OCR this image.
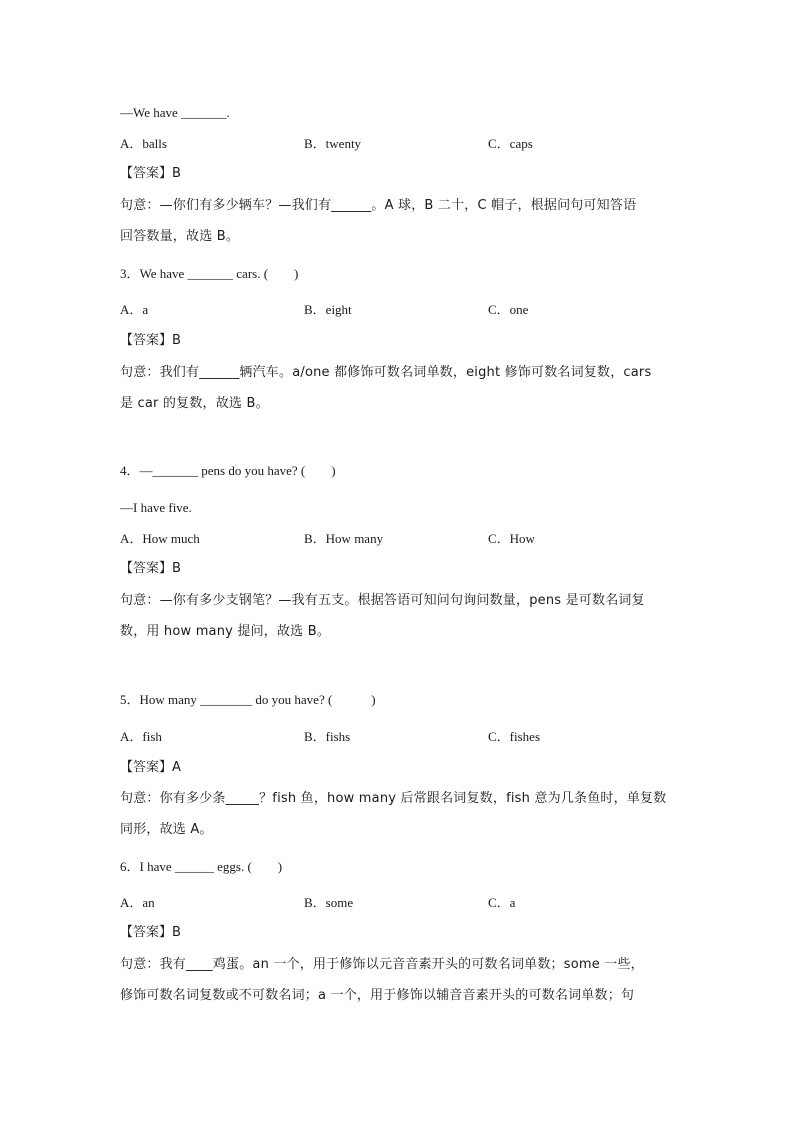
—We have _______.
A．balls	B．twenty	C．caps
【答案】B
句意：—你们有多少辆车？—我们有______。A 球，B 二十，C 帽子，根据问句可知答语
回答数量，故选 B。
3．We have _______ cars. (　　)
A．a	B．eight	C．one
【答案】B
句意：我们有______辆汽车。a/one 都修饰可数名词单数，eight 修饰可数名词复数，cars
是 car 的复数，故选 B。
4．—_______ pens do you have? (　　)
—I have five.
A．How much	B．How many	C．How
【答案】B
句意：—你有多少支钢笔？—我有五支。根据答语可知问句询问数量，pens 是可数名词复
数，用 how many 提问，故选 B。
5．How many ________ do you have? (　　　)
A．fish	B．fishs	C．fishes
【答案】A
句意：你有多少条_____？fish 鱼，how many 后常跟名词复数，fish 意为几条鱼时，单复数
同形，故选 A。
6．I have ______ eggs. (　　)
A．an	B．some	C．a
【答案】B
句意：我有____鸡蛋。an 一个，用于修饰以元音音素开头的可数名词单数；some 一些，
修饰可数名词复数或不可数名词；a 一个，用于修饰以辅音音素开头的可数名词单数；句
